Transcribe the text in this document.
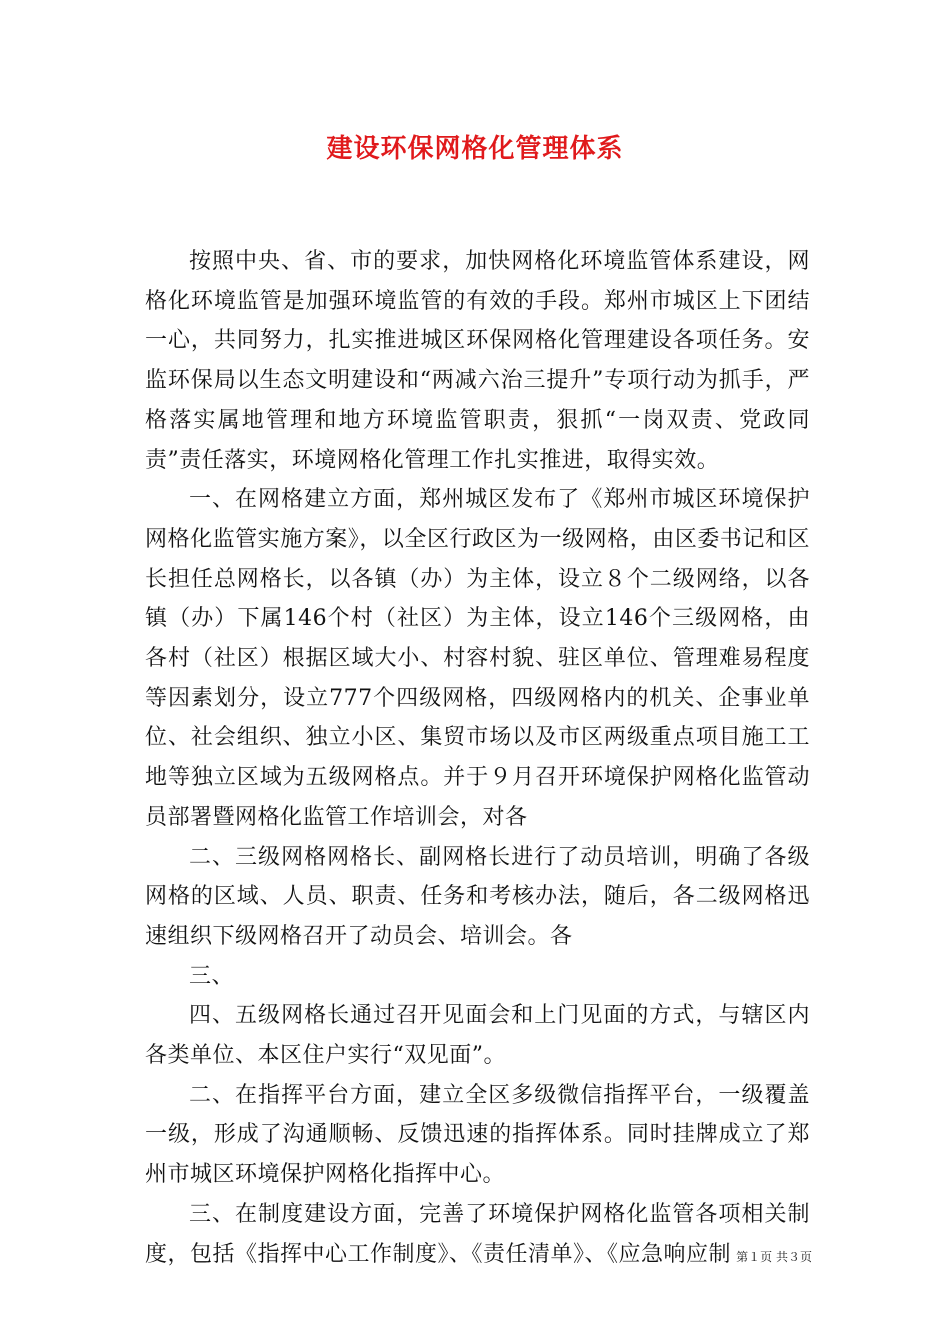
建设环保网格化管理体系

按照中央、省、市的要求，加快网格化环境监管体系建设，网格化环境监管是加强环境监管的有效的手段。郑州市城区上下团结一心，共同努力，扎实推进城区环保网格化管理建设各项任务。安监环保局以生态文明建设和“两减六治三提升”专项行动为抓手，严格落实属地管理和地方环境监管职责，狠抓“一岗双责、党政同责”责任落实，环境网格化管理工作扎实推进，取得实效。

一、在网格建立方面，郑州城区发布了《郑州市城区环境保护网格化监管实施方案》，以全区行政区为一级网格，由区委书记和区长担任总网格长，以各镇（办）为主体，设立８个二级网络，以各镇（办）下属146个村（社区）为主体，设立146个三级网格，由各村（社区）根据区域大小、村容村貌、驻区单位、管理难易程度等因素划分，设立777个四级网格，四级网格内的机关、企事业单位、社会组织、独立小区、集贸市场以及市区两级重点项目施工工地等独立区域为五级网格点。并于９月召开环境保护网格化监管动员部署暨网格化监管工作培训会，对各

二、三级网格网格长、副网格长进行了动员培训，明确了各级网格的区域、人员、职责、任务和考核办法，随后，各二级网格迅速组织下级网格召开了动员会、培训会。各

三、

四、五级网格长通过召开见面会和上门见面的方式，与辖区内各类单位、本区住户实行“双见面”。

二、在指挥平台方面，建立全区多级微信指挥平台，一级覆盖一级，形成了沟通顺畅、反馈迅速的指挥体系。同时挂牌成立了郑州市城区环境保护网格化指挥中心。

三、在制度建设方面，完善了环境保护网格化监管各项相关制度，包括《指挥中心工作制度》、《责任清单》、《应急响应制 第１页 共３页
